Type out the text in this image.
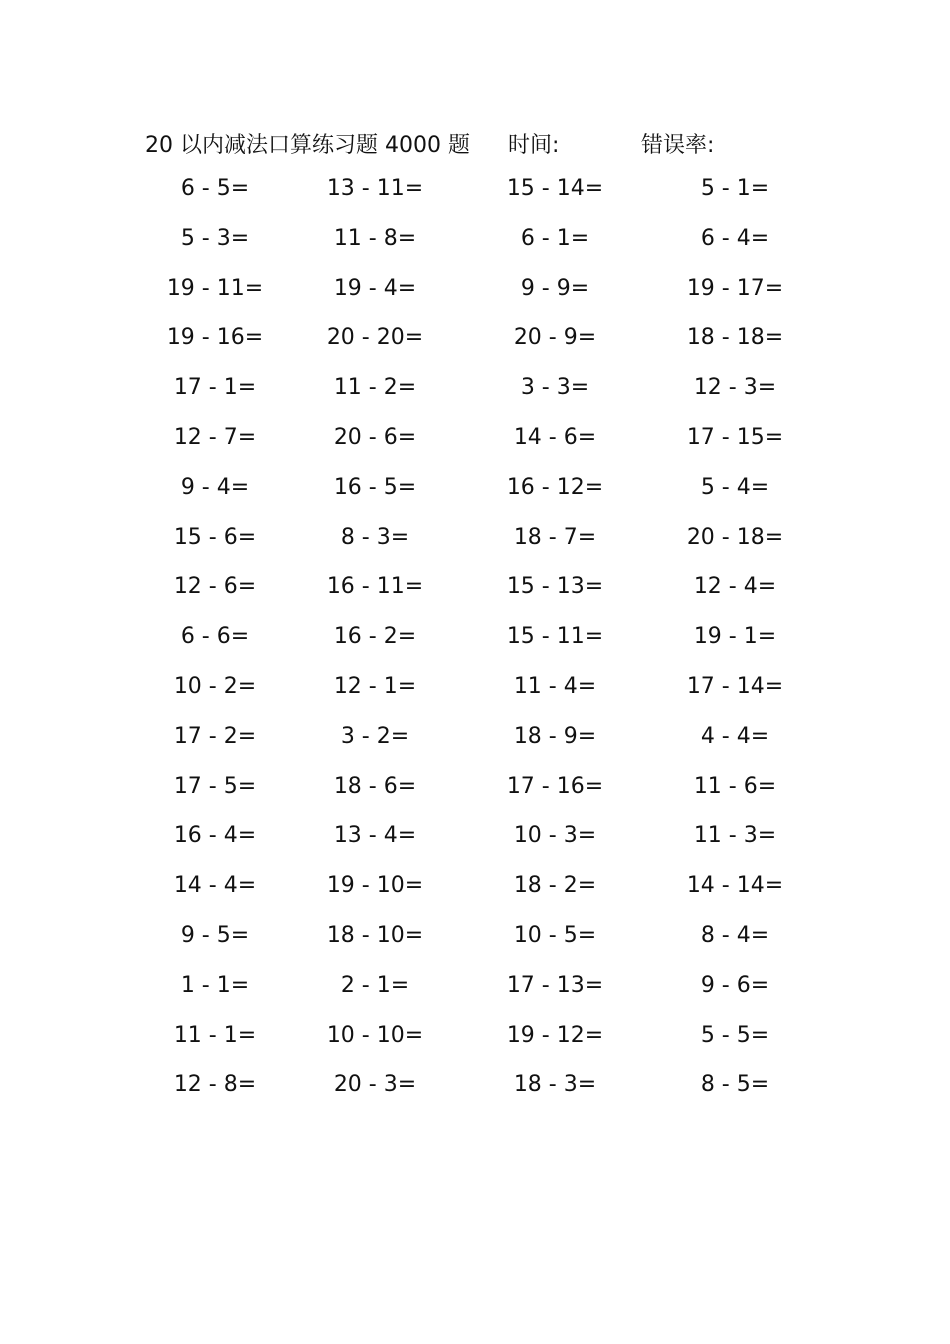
20 以内减法口算练习题 4000 题 时间:	错误率:
6 - 5=	13 - 11=	15 - 14=	5 - 1=
5 - 3=	11 - 8=	6 - 1=	6 - 4=
19 - 11=	19 - 4=	9 - 9=	19 - 17=
19 - 16=	20 - 20=	20 - 9=	18 - 18=
17 - 1=	11 - 2=	3 - 3=	12 - 3=
12 - 7=	20 - 6=	14 - 6=	17 - 15=
9 - 4=	16 - 5=	16 - 12=	5 - 4=
15 - 6=	8 - 3=	18 - 7=	20 - 18=
12 - 6=	16 - 11=	15 - 13=	12 - 4=
6 - 6=	16 - 2=	15 - 11=	19 - 1=
10 - 2=	12 - 1=	11 - 4=	17 - 14=
17 - 2=	3 - 2=	18 - 9=	4 - 4=
17 - 5=	18 - 6=	17 - 16=	11 - 6=
16 - 4=	13 - 4=	10 - 3=	11 - 3=
14 - 4=	19 - 10=	18 - 2=	14 - 14=
9 - 5=	18 - 10=	10 - 5=	8 - 4=
1 - 1=	2 - 1=	17 - 13=	9 - 6=
11 - 1=	10 - 10=	19 - 12=	5 - 5=
12 - 8=	20 - 3=	18 - 3=	8 - 5=
